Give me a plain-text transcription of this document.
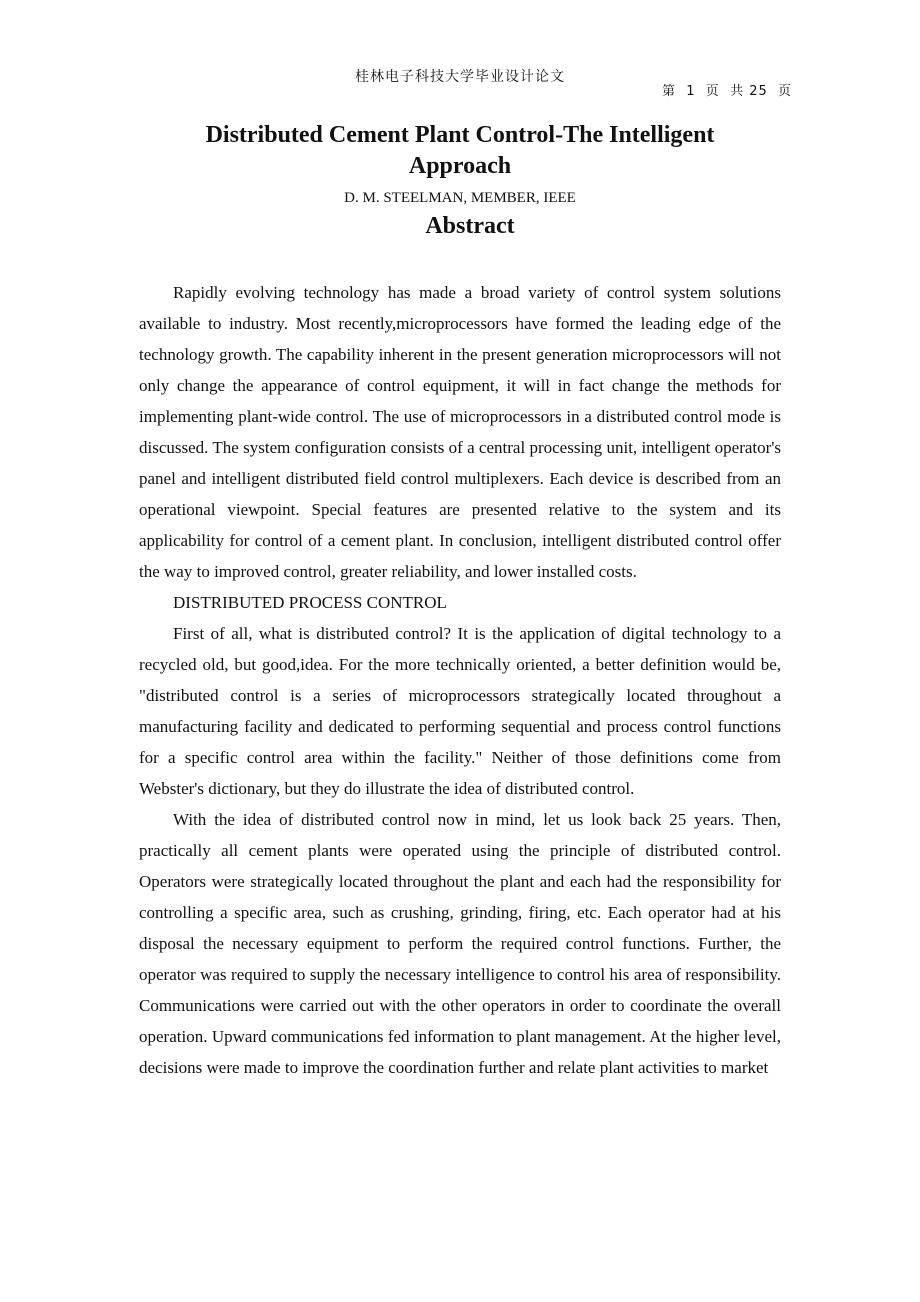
桂林电子科技大学毕业设计论文
第  1  页  共 25  页
Distributed Cement Plant Control-The Intelligent Approach
D. M. STEELMAN, MEMBER, IEEE
Abstract

Rapidly evolving technology has made a broad variety of control system solutions available to industry. Most recently,microprocessors have formed the leading edge of the technology growth. The capability inherent in the present generation microprocessors will not only change the appearance of control equipment, it will in fact change the methods for implementing plant-wide control. The use of microprocessors in a distributed control mode is discussed. The system configuration consists of a central processing unit, intelligent operator's panel and intelligent distributed field control multiplexers. Each device is described from an operational viewpoint. Special features are presented relative to the system and its applicability for control of a cement plant. In conclusion, intelligent distributed control offer the way to improved control, greater reliability, and lower installed costs.

DISTRIBUTED PROCESS CONTROL

First of all, what is distributed control? It is the application of digital technology to a recycled old, but good,idea. For the more technically oriented, a better definition would be, "distributed control is a series of microprocessors strategically located throughout a manufacturing facility and dedicated to performing sequential and process control functions for a specific control area within the facility." Neither of those definitions come from Webster's dictionary, but they do illustrate the idea of distributed control.

With the idea of distributed control now in mind, let us look back 25 years. Then, practically all cement plants were operated using the principle of distributed control. Operators were strategically located throughout the plant and each had the responsibility for controlling a specific area, such as crushing, grinding, firing, etc. Each operator had at his disposal the necessary equipment to perform the required control functions. Further, the operator was required to supply the necessary intelligence to control his area of responsibility. Communications were carried out with the other operators in order to coordinate the overall operation. Upward communications fed information to plant management. At the higher level, decisions were made to improve the coordination further and relate plant activities to market
